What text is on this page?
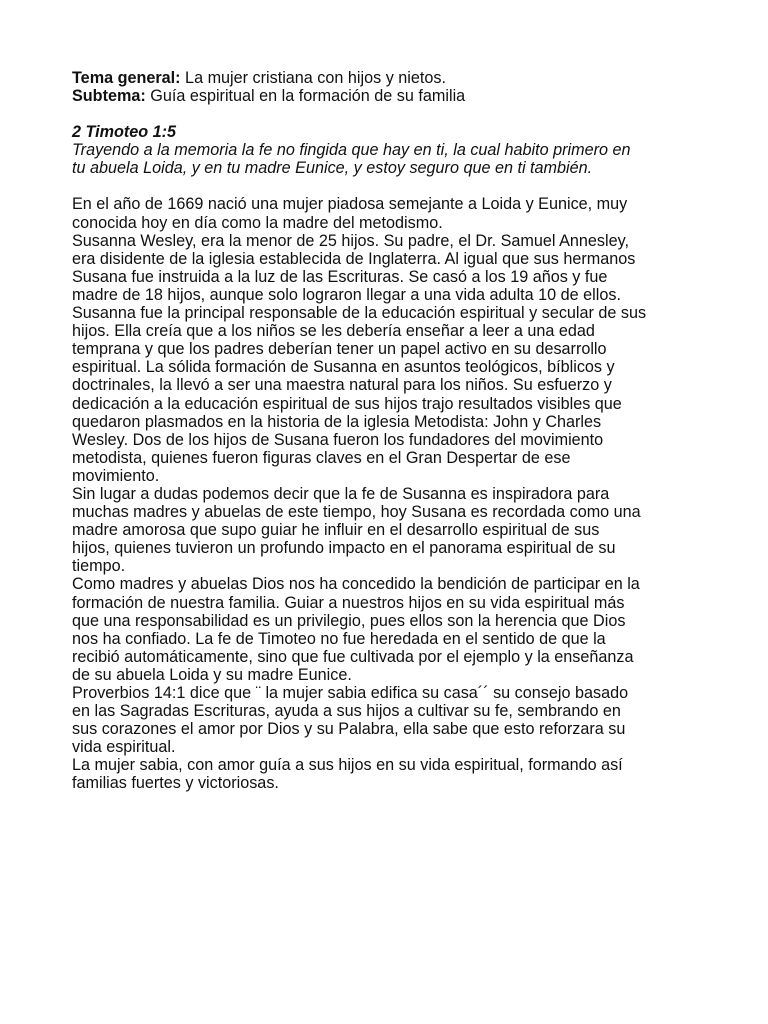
Tema general: La mujer cristiana con hijos y nietos.
Subtema: Guía espiritual en la formación de su familia
2 Timoteo 1:5
Trayendo a la memoria la fe no fingida que hay en ti, la cual habito primero en
tu abuela Loida, y en tu madre Eunice, y estoy seguro que en ti también.

En el año de 1669 nació una mujer piadosa semejante a Loida y Eunice, muy

conocida hoy en día como la madre del metodismo.

Susanna Wesley, era la menor de 25 hijos. Su padre, el Dr. Samuel Annesley,

era disidente de la iglesia establecida de Inglaterra. Al igual que sus hermanos

Susana fue instruida a la luz de las Escrituras. Se casó a los 19 años y fue

madre de 18 hijos, aunque solo lograron llegar a una vida adulta 10 de ellos.

Susanna fue la principal responsable de la educación espiritual y secular de sus

hijos. Ella creía que a los niños se les debería enseñar a leer a una edad

temprana y que los padres deberían tener un papel activo en su desarrollo

espiritual. La sólida formación de Susanna en asuntos teológicos, bíblicos y

doctrinales, la llevó a ser una maestra natural para los niños. Su esfuerzo y

dedicación a la educación espiritual de sus hijos trajo resultados visibles que

quedaron plasmados en la historia de la iglesia Metodista: John y Charles

Wesley. Dos de los hijos de Susana fueron los fundadores del movimiento

metodista, quienes fueron figuras claves en el Gran Despertar de ese

movimiento.

Sin lugar a dudas podemos decir que la fe de Susanna es inspiradora para

muchas madres y abuelas de este tiempo, hoy Susana es recordada como una

madre amorosa que supo guiar he influir en el desarrollo espiritual de sus

hijos, quienes tuvieron un profundo impacto en el panorama espiritual de su

tiempo.

Como madres y abuelas Dios nos ha concedido la bendición de participar en la

formación de nuestra familia. Guiar a nuestros hijos en su vida espiritual más

que una responsabilidad es un privilegio, pues ellos son la herencia que Dios

nos ha confiado. La fe de Timoteo no fue heredada en el sentido de que la

recibió automáticamente, sino que fue cultivada por el ejemplo y la enseñanza

de su abuela Loida y su madre Eunice.

Proverbios 14:1 dice que ¨ la mujer sabia edifica su casa´´ su consejo basado

en las Sagradas Escrituras, ayuda a sus hijos a cultivar su fe, sembrando en

sus corazones el amor por Dios y su Palabra, ella sabe que esto reforzara su

vida espiritual.

La mujer sabia, con amor guía a sus hijos en su vida espiritual, formando así

familias fuertes y victoriosas.
